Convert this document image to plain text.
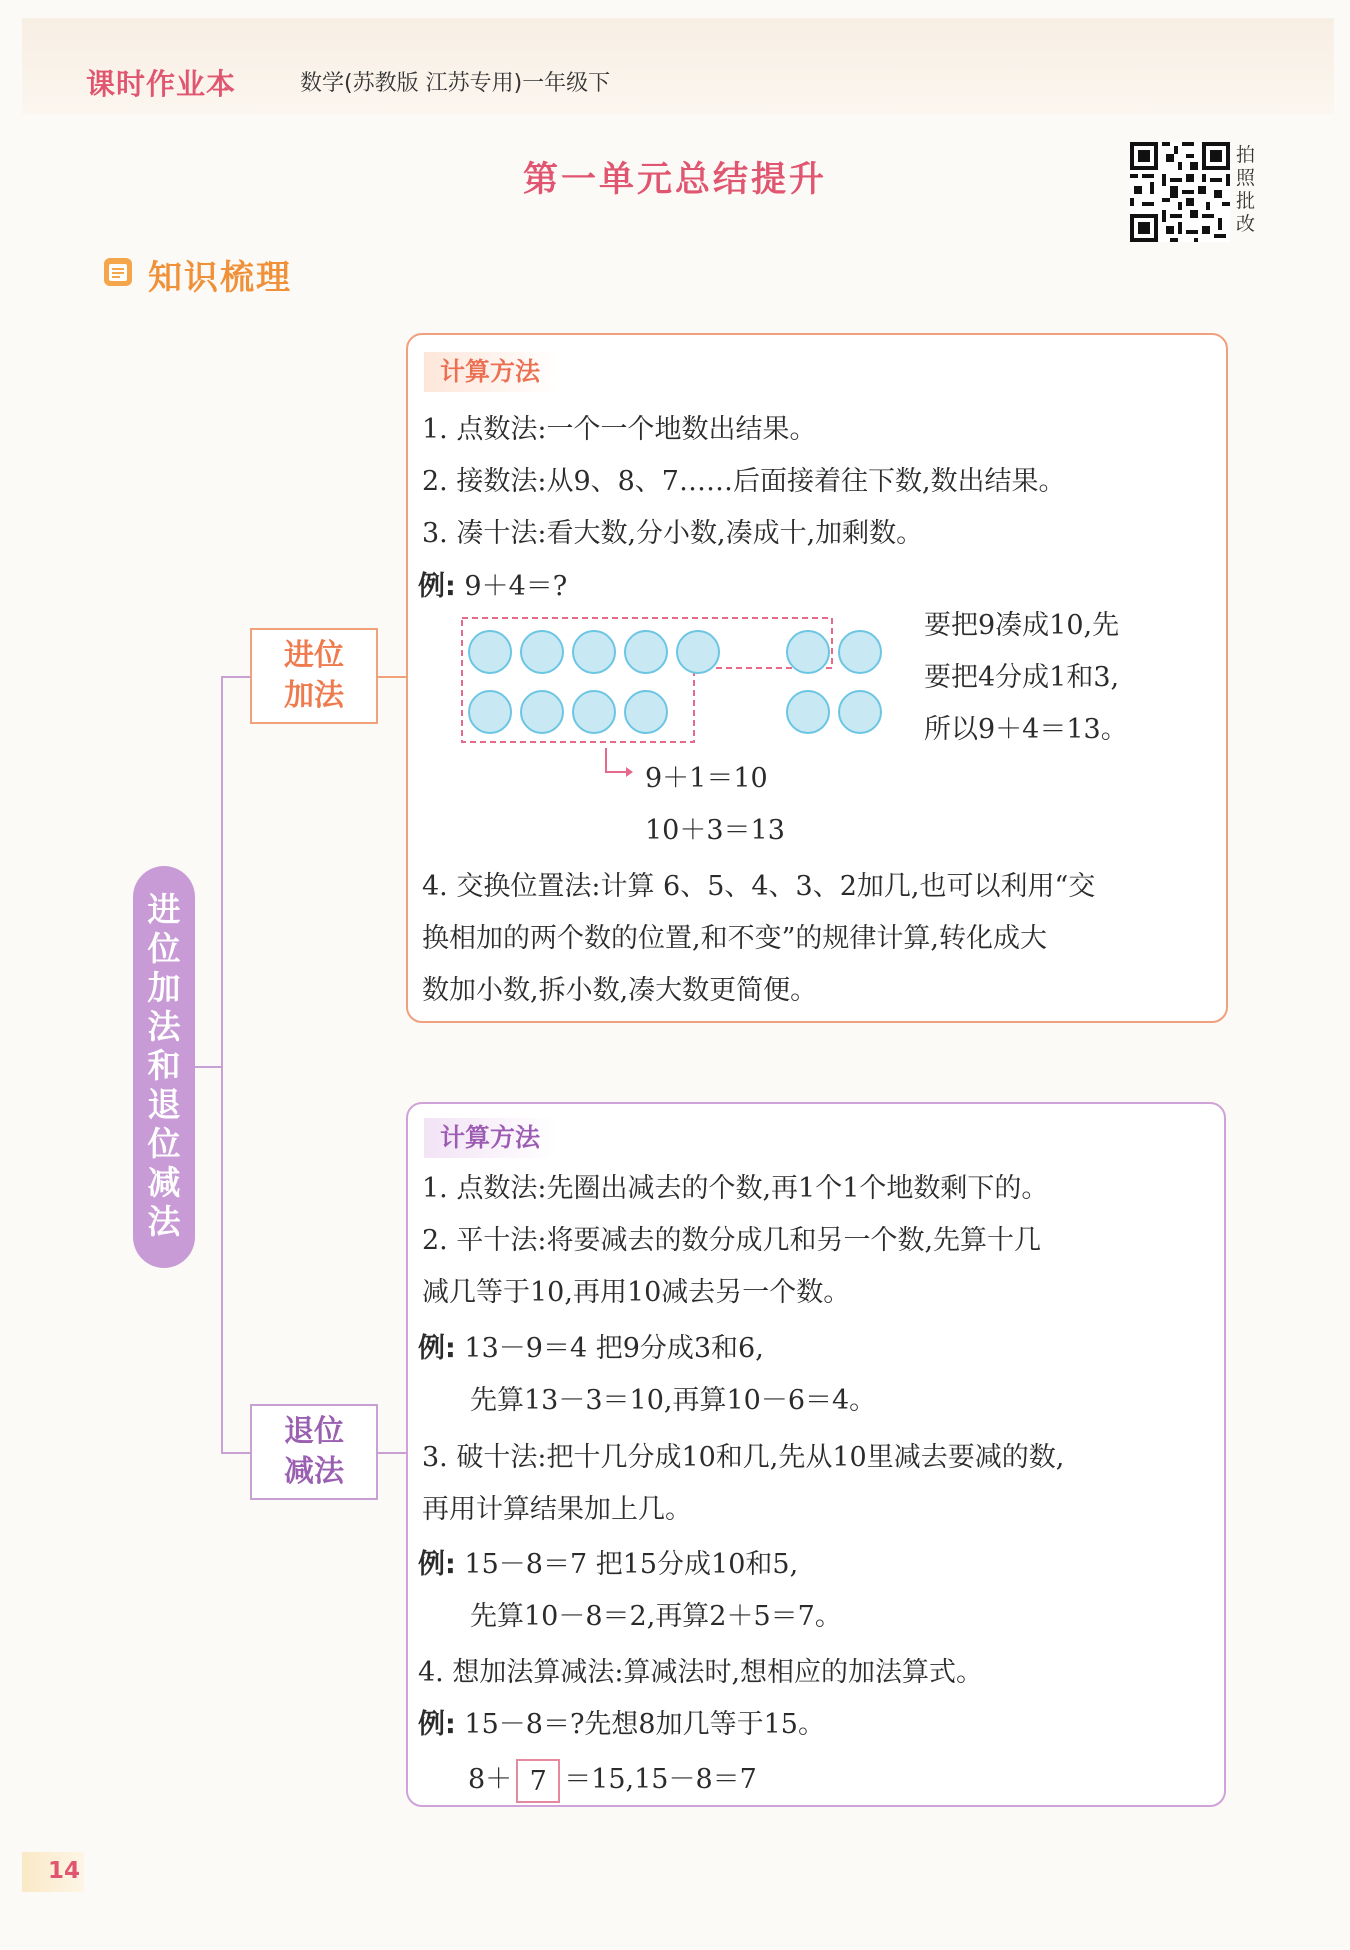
课时作业本	数学(苏教版 江苏专用)一年级下
第一单元总结提升
拍照批改
知识梳理
进位加法和退位减法
进位
加法
退位
减法
计算方法
1. 点数法:一个一个地数出结果。
2. 接数法:从9、8、7……后面接着往下数,数出结果。
3. 凑十法:看大数,分小数,凑成十,加剩数。
例: 9＋4＝?
要把9凑成10,先
要把4分成1和3,
所以9＋4＝13。
9＋1＝10
10＋3＝13
4. 交换位置法:计算 6、5、4、3、2加几,也可以利用“交
换相加的两个数的位置,和不变”的规律计算,转化成大
数加小数,拆小数,凑大数更简便。
计算方法
1. 点数法:先圈出减去的个数,再1个1个地数剩下的。
2. 平十法:将要减去的数分成几和另一个数,先算十几
减几等于10,再用10减去另一个数。
例: 13－9＝4 把9分成3和6,
先算13－3＝10,再算10－6＝4。
3. 破十法:把十几分成10和几,先从10里减去要减的数,
再用计算结果加上几。
例: 15－8＝7 把15分成10和5,
先算10－8＝2,再算2＋5＝7。
4. 想加法算减法:算减法时,想相应的加法算式。
例: 15－8＝?先想8加几等于15。
8＋ 7 ＝15,15－8＝7
14
